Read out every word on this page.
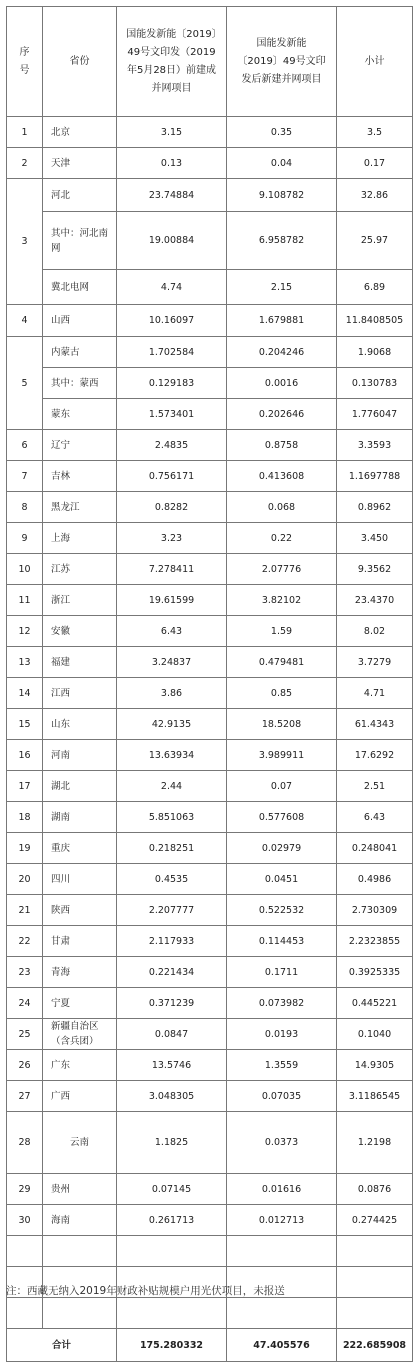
序号	省份	国能发新能〔2019〕49号文印发（2019年5月28日）前建成并网项目	国能发新能〔2019〕49号文印发后新建并网项目	小计
1	北京	3.15	0.35	3.5
2	天津	0.13	0.04	0.17
3	河北	23.74884	9.108782	32.86
	其中：河北南网	19.00884	6.958782	25.97
	冀北电网	4.74	2.15	6.89
4	山西	10.16097	1.679881	11.8408505
5	内蒙古	1.702584	0.204246	1.9068
	其中：蒙西	0.129183	0.0016	0.130783
	蒙东	1.573401	0.202646	1.776047
6	辽宁	2.4835	0.8758	3.3593
7	吉林	0.756171	0.413608	1.1697788
8	黑龙江	0.8282	0.068	0.8962
9	上海	3.23	0.22	3.450
10	江苏	7.278411	2.07776	9.3562
11	浙江	19.61599	3.82102	23.4370
12	安徽	6.43	1.59	8.02
13	福建	3.24837	0.479481	3.7279
14	江西	3.86	0.85	4.71
15	山东	42.9135	18.5208	61.4343
16	河南	13.63934	3.989911	17.6292
17	湖北	2.44	0.07	2.51
18	湖南	5.851063	0.577608	6.43
19	重庆	0.218251	0.02979	0.248041
20	四川	0.4535	0.0451	0.4986
21	陕西	2.207777	0.522532	2.730309
22	甘肃	2.117933	0.114453	2.2323855
23	青海	0.221434	0.1711	0.3925335
24	宁夏	0.371239	0.073982	0.445221
25	新疆自治区（含兵团）	0.0847	0.0193	0.1040
26	广东	13.5746	1.3559	14.9305
27	广西	3.048305	0.07035	3.1186545
28	云南	1.1825	0.0373	1.2198
29	贵州	0.07145	0.01616	0.0876
30	海南	0.261713	0.012713	0.274425

合计		175.280332	47.405576	222.685908
注：西藏无纳入2019年财政补贴规模户用光伏项目，未报送
